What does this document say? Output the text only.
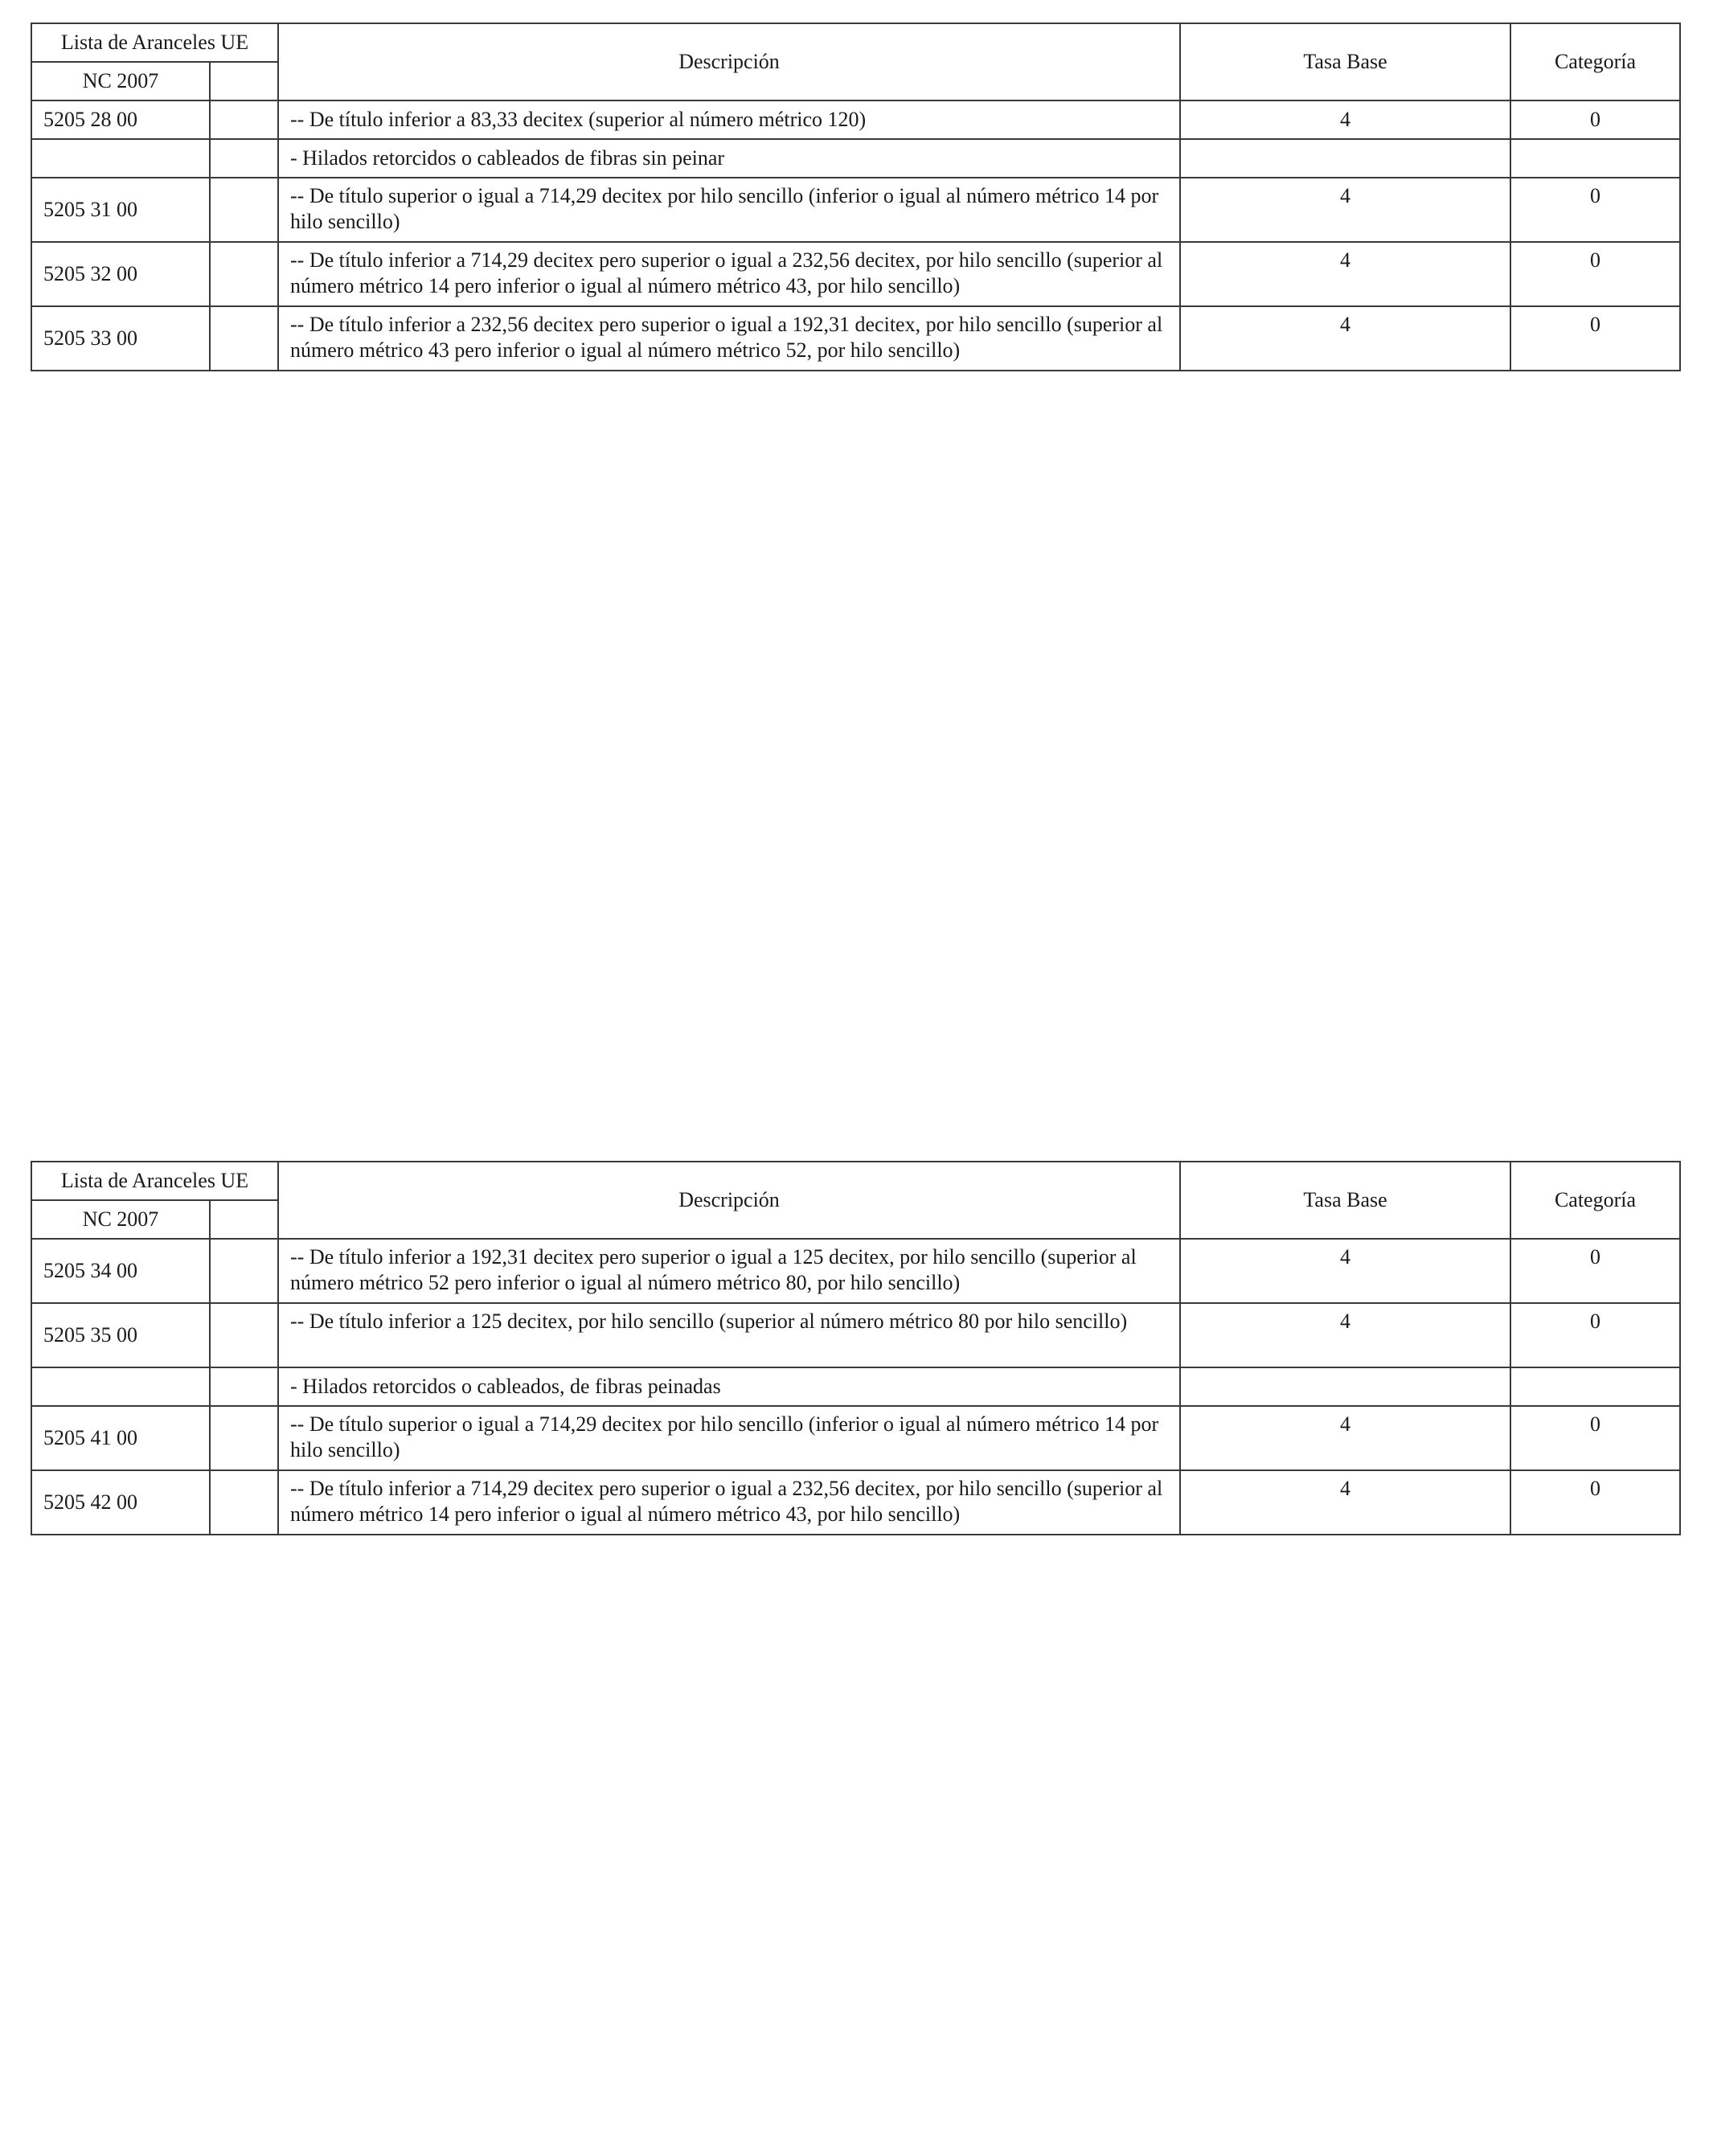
Lista de Aranceles UE		Descripción	Tasa Base	Categoría
NC 2007				
5205 28 00		-- De título inferior a 83,33 decitex (superior al número métrico 120)	4	0
		- Hilados retorcidos o cableados de fibras sin peinar		
5205 31 00		-- De título superior o igual a 714,29 decitex por hilo sencillo (inferior o igual al número métrico 14 por hilo sencillo)	4	0
5205 32 00		-- De título inferior a 714,29 decitex pero superior o igual a 232,56 decitex, por hilo sencillo (superior al número métrico 14 pero inferior o igual al número métrico 43, por hilo sencillo)	4	0
5205 33 00		-- De título inferior a 232,56 decitex pero superior o igual a 192,31 decitex, por hilo sencillo (superior al número métrico 43 pero inferior o igual al número métrico 52, por hilo sencillo)	4	0
Lista de Aranceles UE		Descripción	Tasa Base	Categoría
NC 2007				
5205 34 00		-- De título inferior a 192,31 decitex pero superior o igual a 125 decitex, por hilo sencillo (superior al número métrico 52 pero inferior o igual al número métrico 80, por hilo sencillo)	4	0
5205 35 00		-- De título inferior a 125 decitex, por hilo sencillo (superior al número métrico 80 por hilo sencillo)	4	0
		- Hilados retorcidos o cableados, de fibras peinadas		
5205 41 00		-- De título superior o igual a 714,29 decitex por hilo sencillo (inferior o igual al número métrico 14 por hilo sencillo)	4	0
5205 42 00		-- De título inferior a 714,29 decitex pero superior o igual a 232,56 decitex, por hilo sencillo (superior al número métrico 14 pero inferior o igual al número métrico 43, por hilo sencillo)	4	0
